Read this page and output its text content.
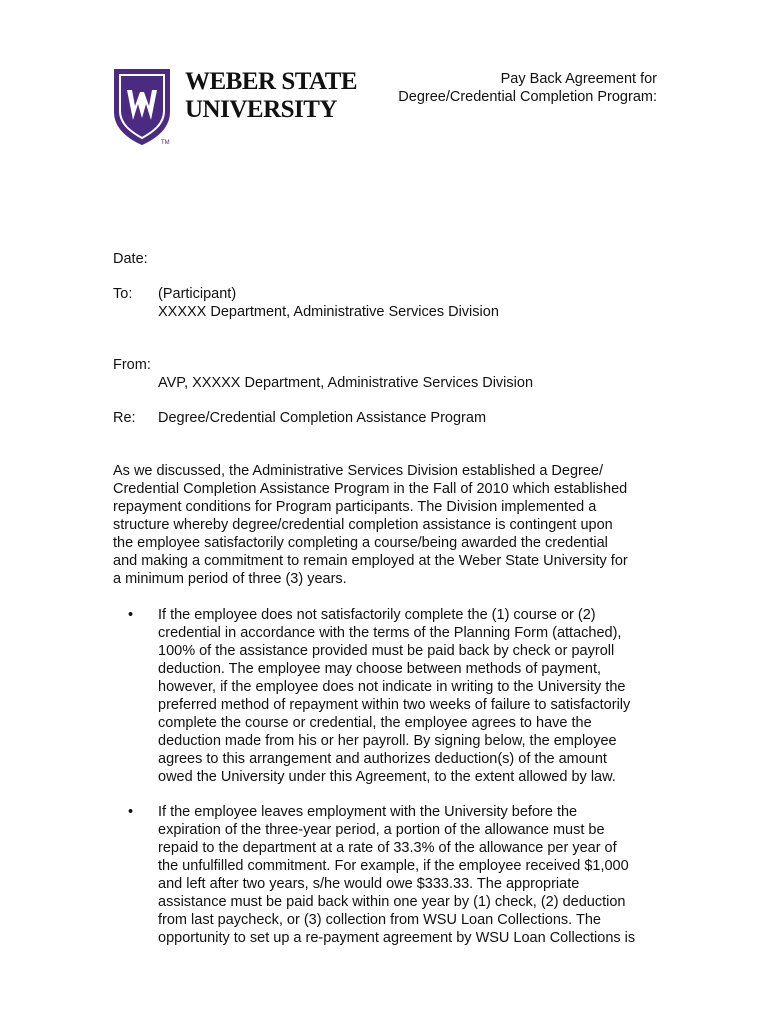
TM
WEBER STATE
UNIVERSITY
Pay Back Agreement for
Degree/Credential Completion Program:
Date:
To: (Participant)
XXXXX Department, Administrative Services Division
From:
AVP, XXXXX Department, Administrative Services Division
Re: Degree/Credential Completion Assistance Program
As we discussed, the Administrative Services Division established a Degree/
Credential Completion Assistance Program in the Fall of 2010 which established
repayment conditions for Program participants. The Division implemented a
structure whereby degree/credential completion assistance is contingent upon
the employee satisfactorily completing a course/being awarded the credential
and making a commitment to remain employed at the Weber State University for
a minimum period of three (3) years.
• If the employee does not satisfactorily complete the (1) course or (2)
credential in accordance with the terms of the Planning Form (attached),
100% of the assistance provided must be paid back by check or payroll
deduction. The employee may choose between methods of payment,
however, if the employee does not indicate in writing to the University the
preferred method of repayment within two weeks of failure to satisfactorily
complete the course or credential, the employee agrees to have the
deduction made from his or her payroll. By signing below, the employee
agrees to this arrangement and authorizes deduction(s) of the amount
owed the University under this Agreement, to the extent allowed by law.
• If the employee leaves employment with the University before the
expiration of the three-year period, a portion of the allowance must be
repaid to the department at a rate of 33.3% of the allowance per year of
the unfulfilled commitment. For example, if the employee received $1,000
and left after two years, s/he would owe $333.33. The appropriate
assistance must be paid back within one year by (1) check, (2) deduction
from last paycheck, or (3) collection from WSU Loan Collections. The
opportunity to set up a re-payment agreement by WSU Loan Collections is
